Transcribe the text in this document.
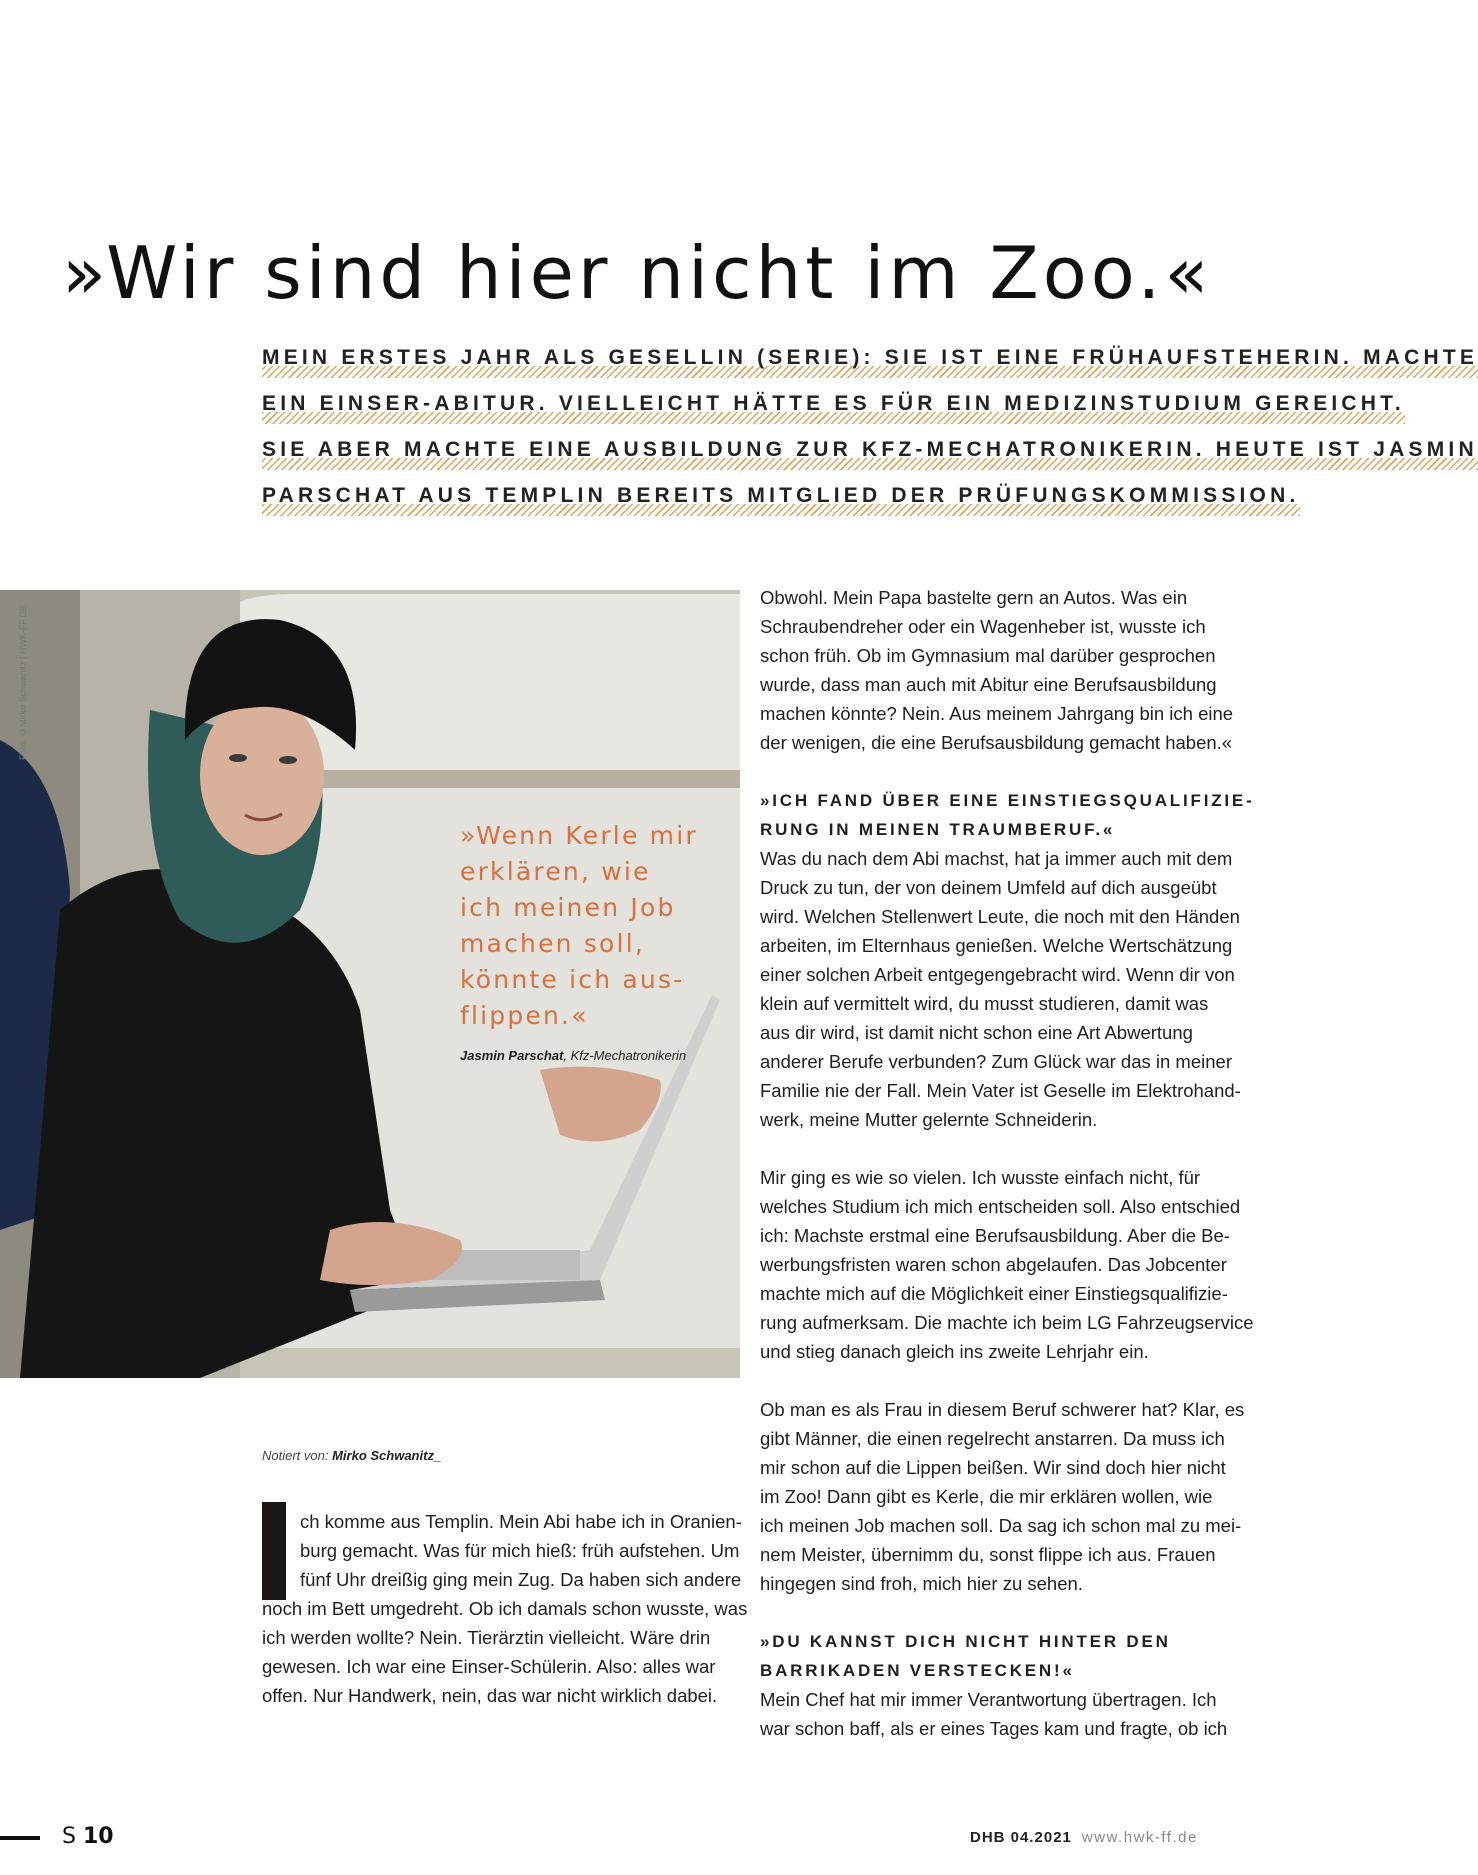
»Wir sind hier nicht im Zoo.«
MEIN ERSTES JAHR ALS GESELLIN (SERIE): SIE IST EINE FRÜHAUFSTEHERIN. MACHTE
EIN EINSER-ABITUR. VIELLEICHT HÄTTE ES FÜR EIN MEDIZINSTUDIUM GEREICHT.
SIE ABER MACHTE EINE AUSBILDUNG ZUR KFZ-MECHATRONIKERIN. HEUTE IST JASMIN
PARSCHAT AUS TEMPLIN BEREITS MITGLIED DER PRÜFUNGSKOMMISSION.
Foto: ©Mirko Schwanitz | HWK-FF.DE
»Wenn Kerle mir
erklären, wie
ich meinen Job
machen soll,
könnte ich aus-
flippen.«
Jasmin Parschat, Kfz-Mechatronikerin
Notiert von: Mirko Schwanitz_
ch komme aus Templin. Mein Abi habe ich in Oranien-
burg gemacht. Was für mich hieß: früh aufstehen. Um
fünf Uhr dreißig ging mein Zug. Da haben sich andere
noch im Bett umgedreht. Ob ich damals schon wusste, was
ich werden wollte? Nein. Tierärztin vielleicht. Wäre drin
gewesen. Ich war eine Einser-Schülerin. Also: alles war
offen. Nur Handwerk, nein, das war nicht wirklich dabei.
Obwohl. Mein Papa bastelte gern an Autos. Was ein
Schraubendreher oder ein Wagenheber ist, wusste ich
schon früh. Ob im Gymnasium mal darüber gesprochen
wurde, dass man auch mit Abitur eine Berufsausbildung
machen könnte? Nein. Aus meinem Jahrgang bin ich eine
der wenigen, die eine Berufsausbildung gemacht haben.«
»ICH FAND ÜBER EINE EINSTIEGSQUALIFIZIE-
RUNG IN MEINEN TRAUMBERUF.«
Was du nach dem Abi machst, hat ja immer auch mit dem
Druck zu tun, der von deinem Umfeld auf dich ausgeübt
wird. Welchen Stellenwert Leute, die noch mit den Händen
arbeiten, im Elternhaus genießen. Welche Wertschätzung
einer solchen Arbeit entgegengebracht wird. Wenn dir von
klein auf vermittelt wird, du musst studieren, damit was
aus dir wird, ist damit nicht schon eine Art Abwertung
anderer Berufe verbunden? Zum Glück war das in meiner
Familie nie der Fall. Mein Vater ist Geselle im Elektrohand-
werk, meine Mutter gelernte Schneiderin.
Mir ging es wie so vielen. Ich wusste einfach nicht, für
welches Studium ich mich entscheiden soll. Also entschied
ich: Machste erstmal eine Berufsausbildung. Aber die Be-
werbungsfristen waren schon abgelaufen. Das Jobcenter
machte mich auf die Möglichkeit einer Einstiegsqualifizie-
rung aufmerksam. Die machte ich beim LG Fahrzeugservice
und stieg danach gleich ins zweite Lehrjahr ein.
Ob man es als Frau in diesem Beruf schwerer hat? Klar, es
gibt Männer, die einen regelrecht anstarren. Da muss ich
mir schon auf die Lippen beißen. Wir sind doch hier nicht
im Zoo! Dann gibt es Kerle, die mir erklären wollen, wie
ich meinen Job machen soll. Da sag ich schon mal zu mei-
nem Meister, übernimm du, sonst flippe ich aus. Frauen
hingegen sind froh, mich hier zu sehen.
»DU KANNST DICH NICHT HINTER DEN
BARRIKADEN VERSTECKEN!«
Mein Chef hat mir immer Verantwortung übertragen. Ich
war schon baff, als er eines Tages kam und fragte, ob ich
S 10	DHB 04.2021 www.hwk-ff.de
